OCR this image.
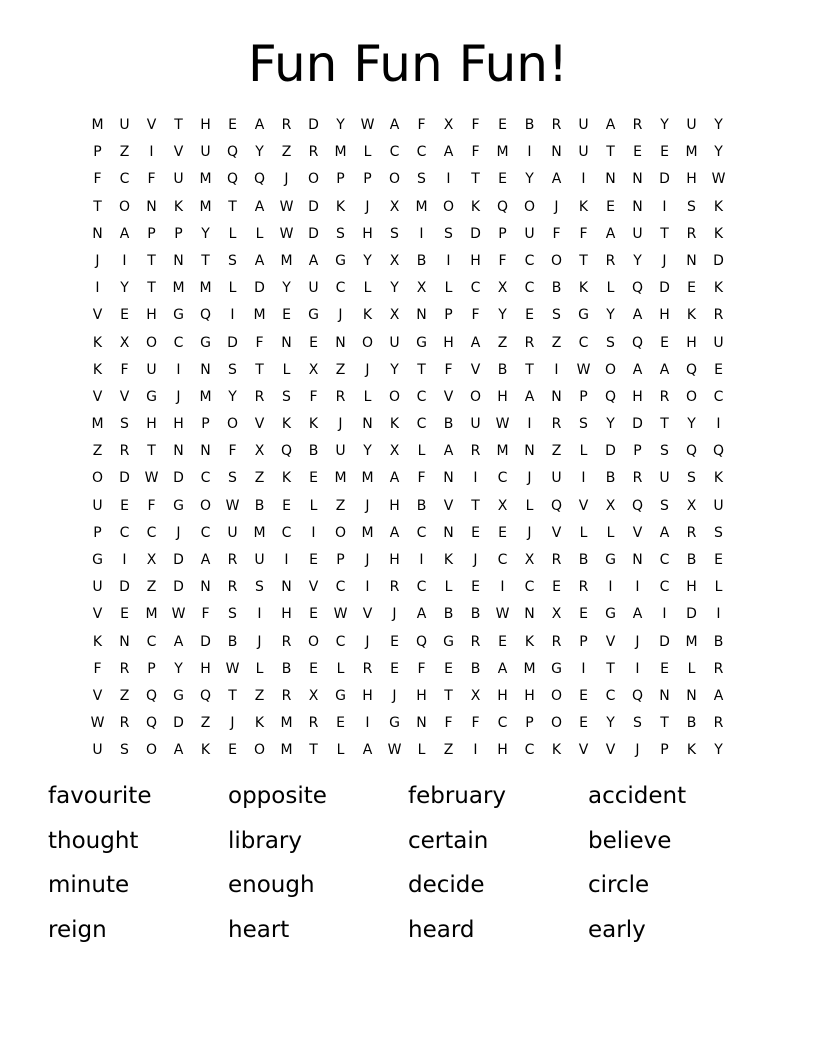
Fun Fun Fun!
M	U	V	T	H	E	A	R	D	Y	W	A	F	X	F	E	B	R	U	A	R	Y	U	Y
P	Z	I	V	U	Q	Y	Z	R	M	L	C	C	A	F	M	I	N	U	T	E	E	M	Y
F	C	F	U	M	Q	Q	J	O	P	P	O	S	I	T	E	Y	A	I	N	N	D	H	W
T	O	N	K	M	T	A	W	D	K	J	X	M	O	K	Q	O	J	K	E	N	I	S	K
N	A	P	P	Y	L	L	W	D	S	H	S	I	S	D	P	U	F	F	A	U	T	R	K
J	I	T	N	T	S	A	M	A	G	Y	X	B	I	H	F	C	O	T	R	Y	J	N	D
I	Y	T	M	M	L	D	Y	U	C	L	Y	X	L	C	X	C	B	K	L	Q	D	E	K
V	E	H	G	Q	I	M	E	G	J	K	X	N	P	F	Y	E	S	G	Y	A	H	K	R
K	X	O	C	G	D	F	N	E	N	O	U	G	H	A	Z	R	Z	C	S	Q	E	H	U
K	F	U	I	N	S	T	L	X	Z	J	Y	T	F	V	B	T	I	W	O	A	A	Q	E
V	V	G	J	M	Y	R	S	F	R	L	O	C	V	O	H	A	N	P	Q	H	R	O	C
M	S	H	H	P	O	V	K	K	J	N	K	C	B	U	W	I	R	S	Y	D	T	Y	I
Z	R	T	N	N	F	X	Q	B	U	Y	X	L	A	R	M	N	Z	L	D	P	S	Q	Q
O	D	W	D	C	S	Z	K	E	M	M	A	F	N	I	C	J	U	I	B	R	U	S	K
U	E	F	G	O	W	B	E	L	Z	J	H	B	V	T	X	L	Q	V	X	Q	S	X	U
P	C	C	J	C	U	M	C	I	O	M	A	C	N	E	E	J	V	L	L	V	A	R	S
G	I	X	D	A	R	U	I	E	P	J	H	I	K	J	C	X	R	B	G	N	C	B	E
U	D	Z	D	N	R	S	N	V	C	I	R	C	L	E	I	C	E	R	I	I	C	H	L
V	E	M	W	F	S	I	H	E	W	V	J	A	B	B	W	N	X	E	G	A	I	D	I
K	N	C	A	D	B	J	R	O	C	J	E	Q	G	R	E	K	R	P	V	J	D	M	B
F	R	P	Y	H	W	L	B	E	L	R	E	F	E	B	A	M	G	I	T	I	E	L	R
V	Z	Q	G	Q	T	Z	R	X	G	H	J	H	T	X	H	H	O	E	C	Q	N	N	A
W	R	Q	D	Z	J	K	M	R	E	I	G	N	F	F	C	P	O	E	Y	S	T	B	R
U	S	O	A	K	E	O	M	T	L	A	W	L	Z	I	H	C	K	V	V	J	P	K	Y
favourite	opposite	february	accident
thought	library	certain	believe
minute	enough	decide	circle
reign	heart	heard	early
